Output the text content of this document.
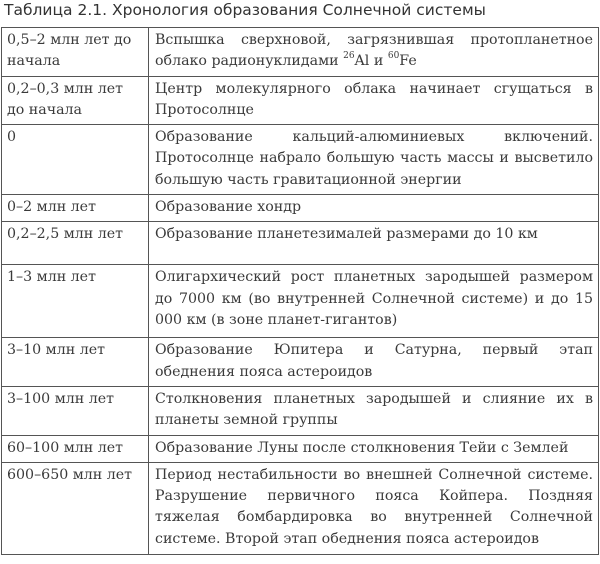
Таблица 2.1. Хронология образования Солнечной системы
0,5–2 млн лет до начала	Вспышка сверхновой, загрязнившая протопланетное облако радионуклидами $^{26}$Al и $^{60}$Fe
0,2–0,3 млн лет до начала	Центр молекулярного облака начинает сгущаться в Протосолнце
0	Образование кальций-алюминиевых включений. Протосолнце набрало большую часть массы и высветило большую часть гравитационной энергии
0–2 млн лет	Образование хондр
0,2–2,5 млн лет	Образование планетезималей размерами до 10 км
1–3 млн лет	Олигархический рост планетных зародышей размером до 7000 км (во внутренней Солнечной системе) и до 15 000 км (в зоне планет-гигантов)
3–10 млн лет	Образование Юпитера и Сатурна, первый этап обеднения пояса астероидов
3–100 млн лет	Столкновения планетных зародышей и слияние их в планеты земной группы
60–100 млн лет	Образование Луны после столкновения Тейи с Землей
600–650 млн лет	Период нестабильности во внешней Солнечной системе. Разрушение первичного пояса Койпера. Поздняя тяжелая бомбардировка во внутренней Солнечной системе. Второй этап обеднения пояса астероидов
